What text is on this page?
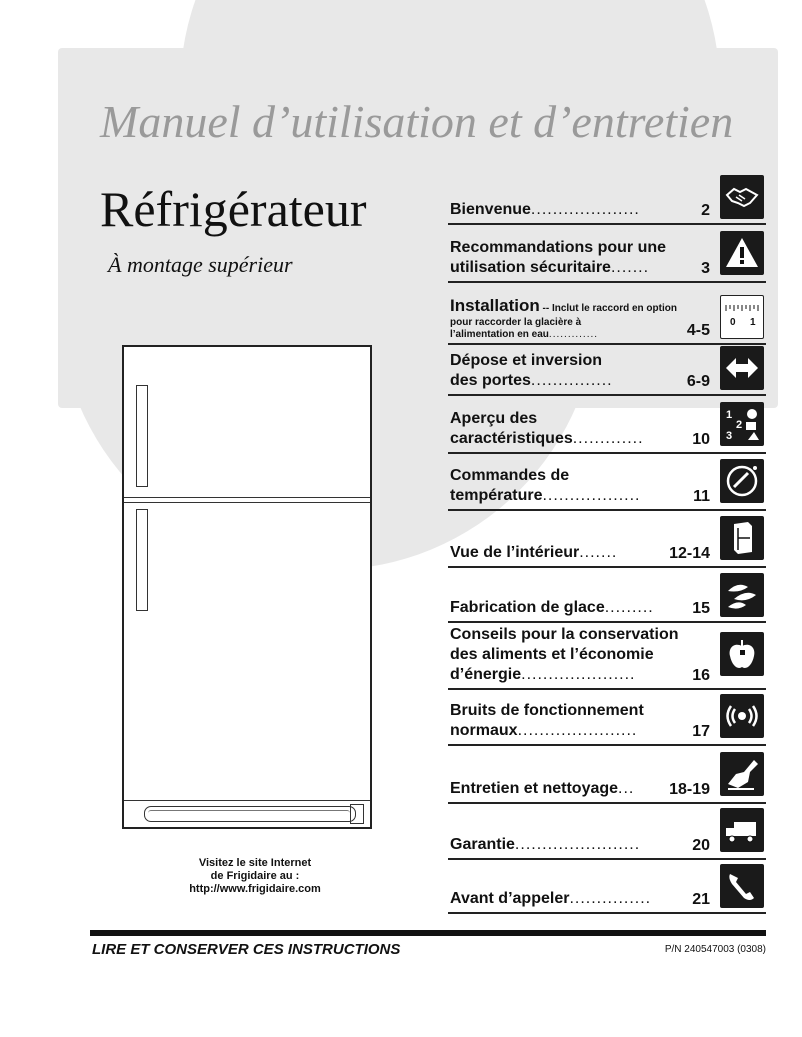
Manuel d’utilisation et d’entretien
Réfrigérateur
À montage supérieur
Visitez le site Internet
de Frigidaire au :
http://www.frigidaire.com
Bienvenue....................	2
Recommandations pour une
utilisation sécuritaire.......	3
Installation -- Inclut le raccord en option
pour raccorder la glacière à
l’alimentation en eau.............	4-5 0 1
Dépose et inversion
des portes...............	6-9
Aperçu des
caractéristiques.............	10
1
2
3
Commandes de
température..................	11
Vue de l’intérieur.......	12-14
Fabrication de glace.........	15
Conseils pour la conservation
des aliments et l’économie
d’énergie.....................	16
Bruits de fonctionnement
normaux......................	17
Entretien et nettoyage...	18-19
Garantie.......................	20
Avant d’appeler...............	21
LIRE ET CONSERVER CES INSTRUCTIONS	P/N 240547003 (0308)
